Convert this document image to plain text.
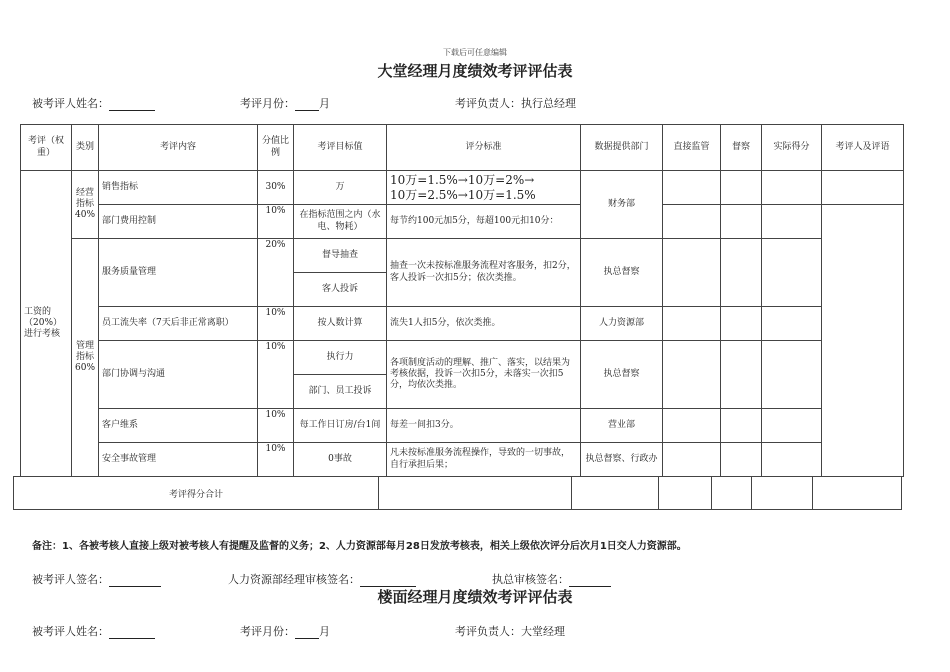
下载后可任意编辑
大堂经理月度绩效考评评估表
被考评人姓名：	考评月份： 月	考评负责人：执行总经理
考评（权重）	类别	考评内容	分值比例	考评目标值	评分标准	数据提供部门	直接监管	督察	实际得分	考评人及评语
工资的（20%）进行考核	经营指标40%	销售指标	30%	万	10万=1.5%→10万=2%→
10万=2.5%→10万=1.5%	财务部				
		部门费用控制	10%	在指标范围之内（水电、物耗）	每节约100元加5分，每超100元扣10分：					
	管理指标60%	服务质量管理	20%	督导抽查	抽查一次未按标准服务流程对客服务，扣2分，客人投诉一次扣5分；依次类推。	执总督察				
				客人投诉						
		员工流失率（7天后非正常离职）	10%	按人数计算	流失1人扣5分，依次类推。	人力资源部				
		部门协调与沟通	10%	执行力	各项制度活动的理解、推广、落实，以结果为考核依据，投诉一次扣5分，未落实一次扣5分，均依次类推。	执总督察				
				部门、员工投诉						
		客户维系	10%	每工作日订房/台1间	每差一间扣3分。	营业部				
		安全事故管理	10%	0事故	凡未按标准服务流程操作，导致的一切事故，自行承担后果；	执总督察、行政办				
考评得分合计						
备注：1、各被考核人直接上级对被考核人有提醒及监督的义务；2、人力资源部每月28日发放考核表，相关上级依次评分后次月1日交人力资源部。
被考评人签名：	人力资源部经理审核签名：	执总审核签名：
楼面经理月度绩效考评评估表
被考评人姓名：	考评月份： 月	考评负责人：大堂经理
